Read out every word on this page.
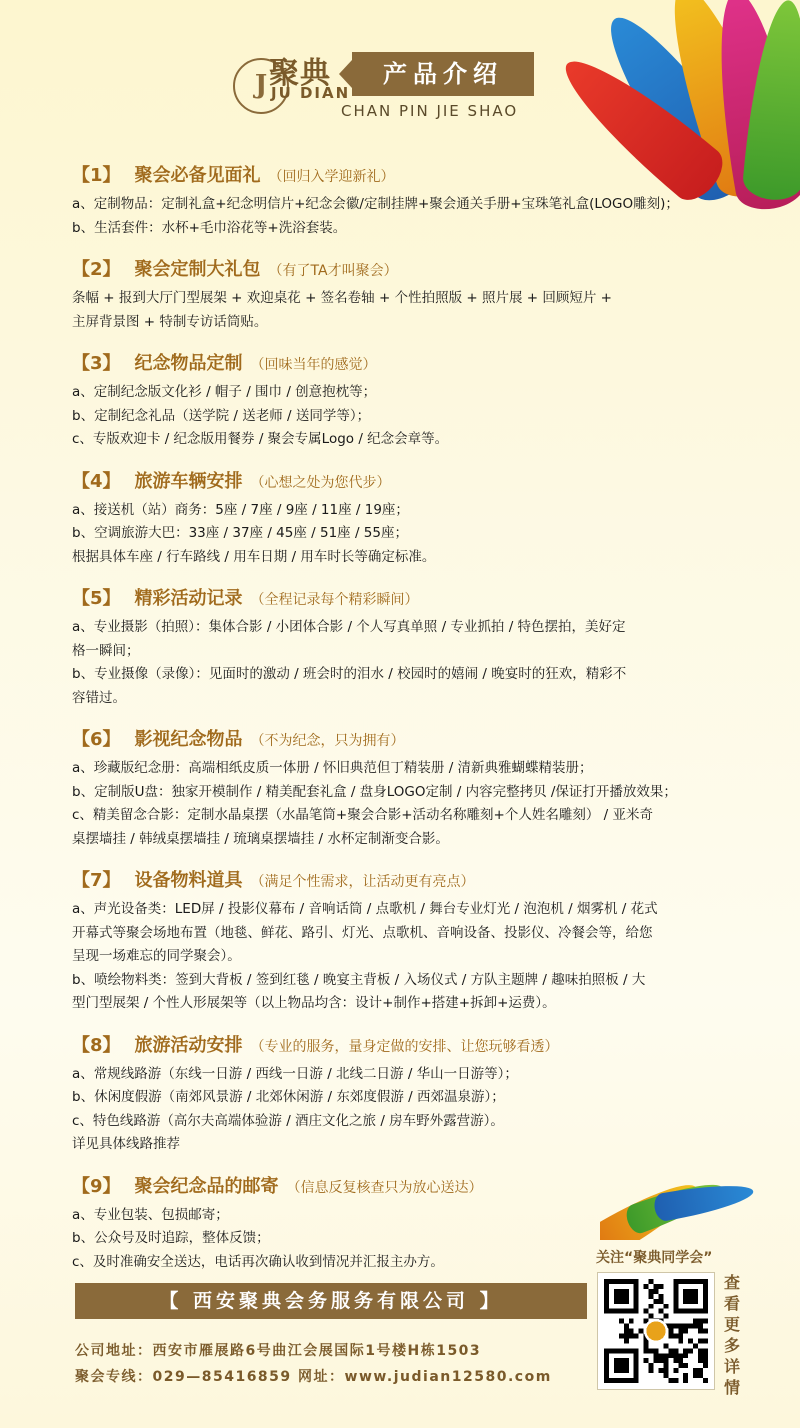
J 聚典
JU DIAN
产品介绍
CHAN PIN JIE SHAO
【1】 聚会必备见面礼 （回归入学迎新礼）
a、定制物品：定制礼盒+纪念明信片+纪念会徽/定制挂牌+聚会通关手册+宝珠笔礼盒(LOGO雕刻)；
b、生活套件：水杯+毛巾浴花等+洗浴套装。
【2】 聚会定制大礼包 （有了TA才叫聚会）
条幅 + 报到大厅门型展架 + 欢迎桌花 + 签名卷轴 + 个性拍照版 + 照片展 + 回顾短片 +
主屏背景图 + 特制专访话筒贴。
【3】 纪念物品定制 （回味当年的感觉）
a、定制纪念版文化衫 / 帽子 / 围巾 / 创意抱枕等；
b、定制纪念礼品（送学院 / 送老师 / 送同学等）；
c、专版欢迎卡 / 纪念版用餐券 / 聚会专属Logo / 纪念会章等。
【4】 旅游车辆安排 （心想之处为您代步）
a、接送机（站）商务：5座 / 7座 / 9座 / 11座 / 19座；
b、空调旅游大巴：33座 / 37座 / 45座 / 51座 / 55座；
根据具体车座 / 行车路线 / 用车日期 / 用车时长等确定标准。
【5】 精彩活动记录 （全程记录每个精彩瞬间）
a、专业摄影（拍照）：集体合影 / 小团体合影 / 个人写真单照 / 专业抓拍 / 特色摆拍，美好定
格一瞬间；
b、专业摄像（录像）：见面时的激动 / 班会时的泪水 / 校园时的嬉闹 / 晚宴时的狂欢，精彩不
容错过。
【6】 影视纪念物品 （不为纪念，只为拥有）
a、珍藏版纪念册：高端相纸皮质一体册 / 怀旧典范但丁精装册 / 清新典雅蝴蝶精装册；
b、定制版U盘：独家开模制作 / 精美配套礼盒 / 盘身LOGO定制 / 内容完整拷贝 /保证打开播放效果；
c、精美留念合影：定制水晶桌摆（水晶笔筒+聚会合影+活动名称雕刻+个人姓名雕刻） / 亚米奇
桌摆墙挂 / 韩绒桌摆墙挂 / 琉璃桌摆墙挂 / 水杯定制渐变合影。
【7】 设备物料道具 （满足个性需求，让活动更有亮点）
a、声光设备类：LED屏 / 投影仪幕布 / 音响话筒 / 点歌机 / 舞台专业灯光 / 泡泡机 / 烟雾机 / 花式
开幕式等聚会场地布置（地毯、鲜花、路引、灯光、点歌机、音响设备、投影仪、冷餐会等，给您
呈现一场难忘的同学聚会）。
b、喷绘物料类：签到大背板 / 签到红毯 / 晚宴主背板 / 入场仪式 / 方队主题牌 / 趣味拍照板 / 大
型门型展架 / 个性人形展架等（以上物品均含：设计+制作+搭建+拆卸+运费）。
【8】 旅游活动安排 （专业的服务，量身定做的安排、让您玩够看透）
a、常规线路游（东线一日游 / 西线一日游 / 北线二日游 / 华山一日游等）；
b、休闲度假游（南郊风景游 / 北郊休闲游 / 东郊度假游 / 西郊温泉游）；
c、特色线路游（高尔夫高端体验游 / 酒庄文化之旅 / 房车野外露营游）。
详见具体线路推荐
【9】 聚会纪念品的邮寄 （信息反复核查只为放心送达）
a、专业包装、包损邮寄；
b、公众号及时追踪，整体反馈；
c、及时准确安全送达，电话再次确认收到情况并汇报主办方。
【 西安聚典会务服务有限公司 】
公司地址：西安市雁展路6号曲江会展国际1号楼H栋1503
聚会专线：029—85416859 网址：www.judian12580.com
关注“聚典同学会”
查看更多详情
